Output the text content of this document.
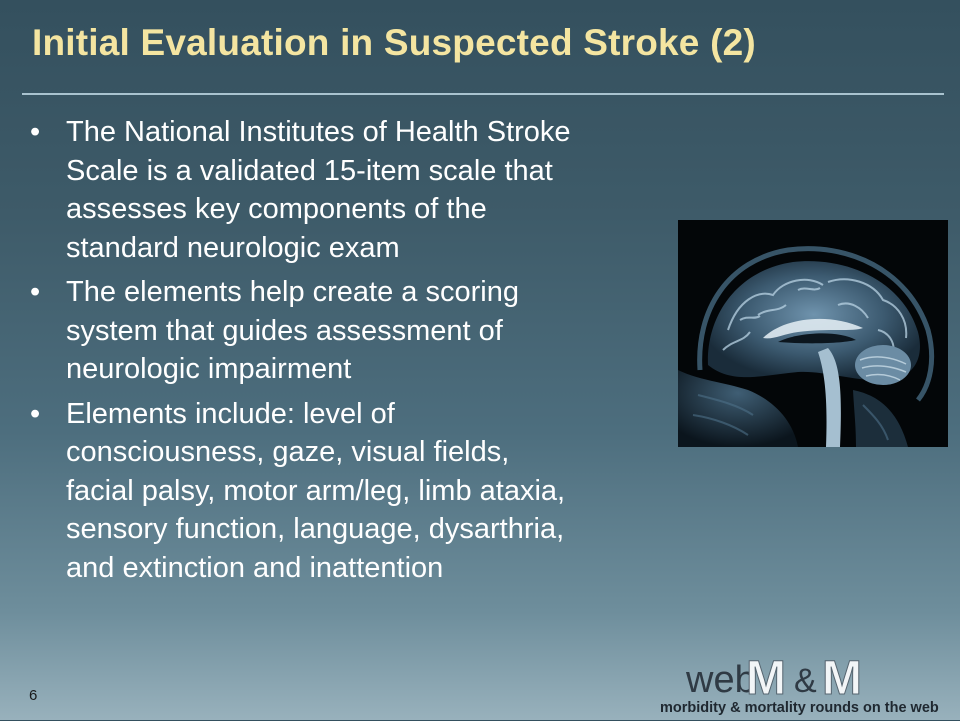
Initial Evaluation in Suspected Stroke (2)
• The National Institutes of Health Stroke
Scale is a validated 15-item scale that
assesses key components of the
standard neurologic exam
• The elements help create a scoring
system that guides assessment of
neurologic impairment
• Elements include: level of
consciousness, gaze, visual fields,
facial palsy, motor arm/leg, limb ataxia,
sensory function, language, dysarthria,
and extinction and inattention
6	web
M & M
morbidity & mortality rounds on the web
